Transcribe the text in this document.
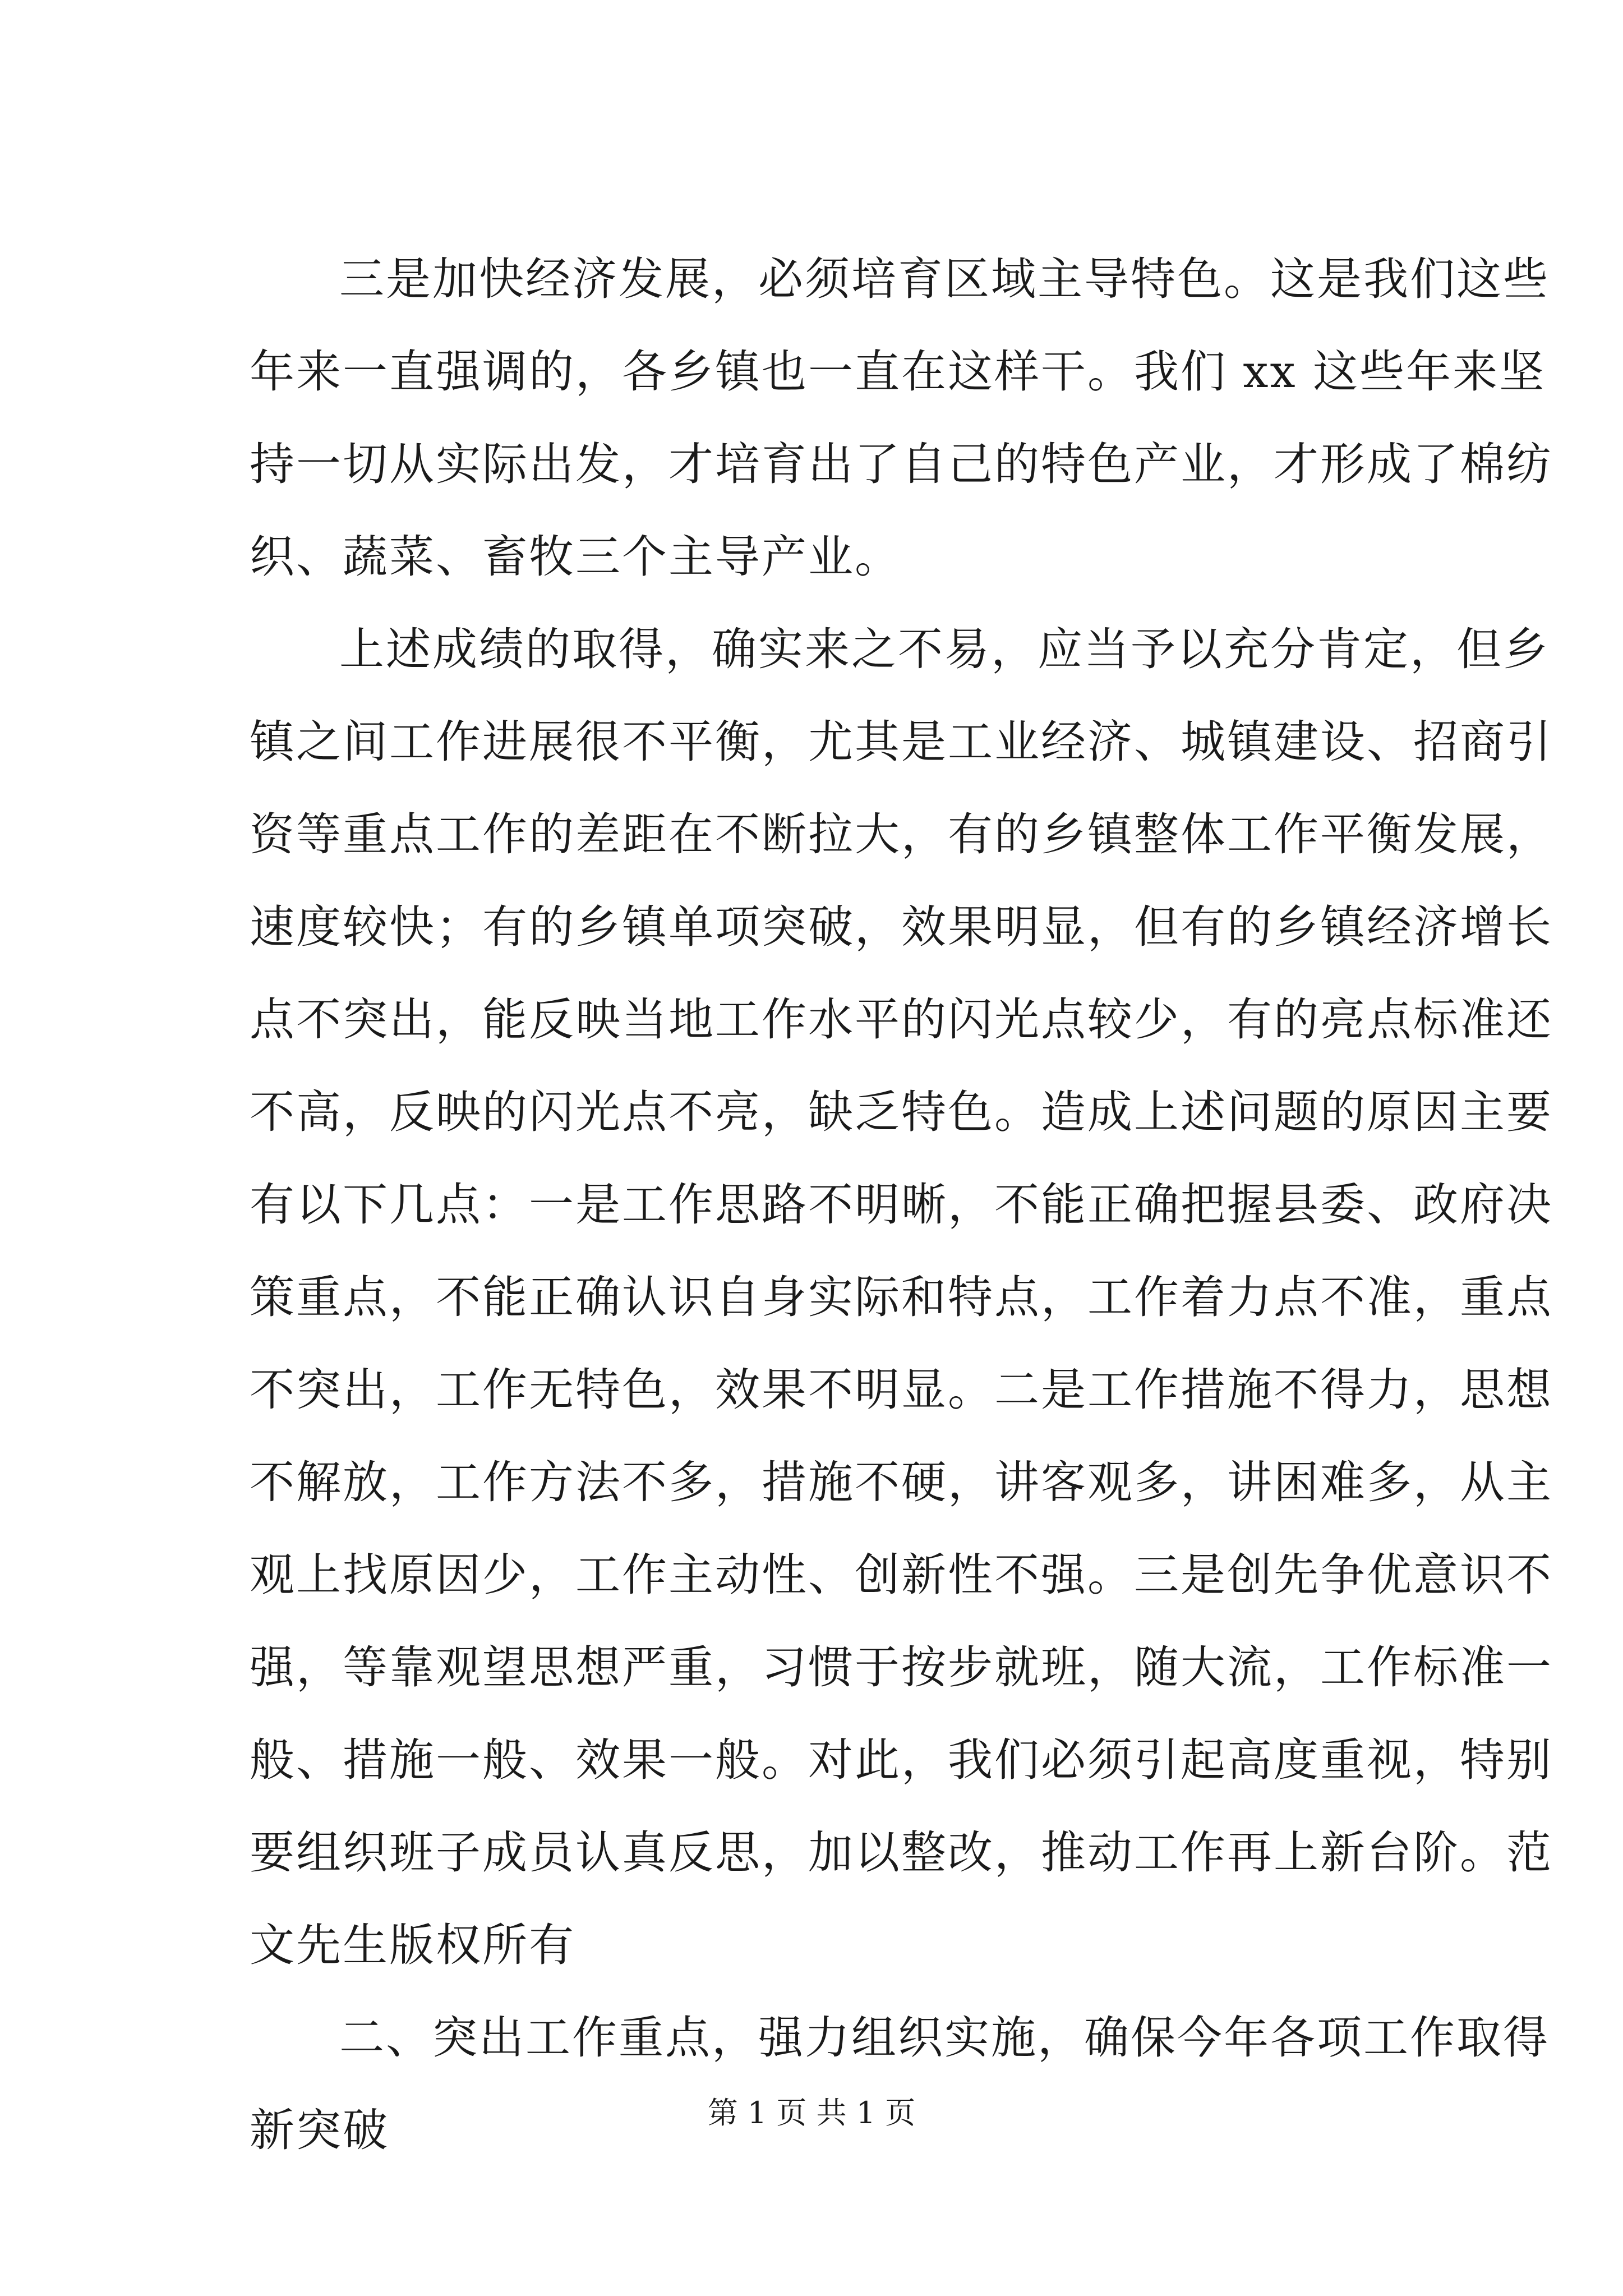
三是加快经济发展，必须培育区域主导特色。这是我们这些

年来一直强调的，各乡镇也一直在这样干。我们 xx 这些年来坚

持一切从实际出发，才培育出了自己的特色产业，才形成了棉纺

织、蔬菜、畜牧三个主导产业。

上述成绩的取得，确实来之不易，应当予以充分肯定，但乡

镇之间工作进展很不平衡，尤其是工业经济、城镇建设、招商引

资等重点工作的差距在不断拉大，有的乡镇整体工作平衡发展，

速度较快；有的乡镇单项突破，效果明显，但有的乡镇经济增长

点不突出，能反映当地工作水平的闪光点较少，有的亮点标准还

不高，反映的闪光点不亮，缺乏特色。造成上述问题的原因主要

有以下几点：一是工作思路不明晰，不能正确把握县委、政府决

策重点，不能正确认识自身实际和特点，工作着力点不准，重点

不突出，工作无特色，效果不明显。二是工作措施不得力，思想

不解放，工作方法不多，措施不硬，讲客观多，讲困难多，从主

观上找原因少，工作主动性、创新性不强。三是创先争优意识不

强，等靠观望思想严重，习惯于按步就班，随大流，工作标准一

般、措施一般、效果一般。对此，我们必须引起高度重视，特别

要组织班子成员认真反思，加以整改，推动工作再上新台阶。范

文先生版权所有

二、突出工作重点，强力组织实施，确保今年各项工作取得

新突破	第 1 页 共 1 页
